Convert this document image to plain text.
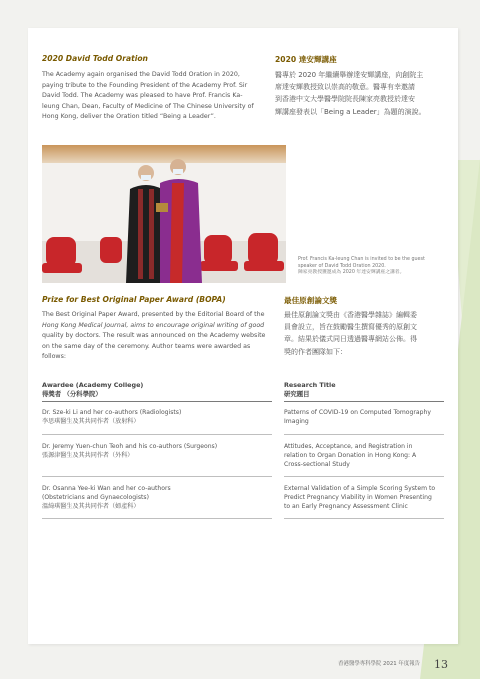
2020 David Todd Oration	2020 達安輝講座
The Academy again organised the David Todd Oration in 2020,
paying tribute to the Founding President of the Academy Prof. Sir
David Todd. The Academy was pleased to have Prof. Francis Ka-
leung Chan, Dean, Faculty of Medicine of The Chinese University of
Hong Kong, deliver the Oration titled “Being a Leader”.
醫專於 2020 年繼續舉辦達安輝講座，向創院主
席達安輝教授致以崇高的敬意。醫專有幸邀請
到香港中文大學醫學院院長陳家亮教授於達安
輝講座發表以「Being a Leader」為題的演說。
Prof. Francis Ka-leung Chan is invited to be the guest
speaker of David Todd Oration 2020.
陳家亮教授獲邀成為 2020 年達安輝講座之講者。
Prize for Best Original Paper Award (BOPA)	最佳原創論文獎
The Best Original Paper Award, presented by the Editorial Board of the
Hong Kong Medical Journal, aims to encourage original writing of good
quality by doctors. The result was announced on the Academy website
on the same day of the ceremony. Author teams were awarded as
follows:
最佳原創論文獎由《香港醫學雜誌》編輯委
員會設立，旨在鼓勵醫生撰寫優秀的原創文
章。結果於儀式同日透過醫專網站公佈。得
獎的作者團隊如下：
Awardee (Academy College)
得獎者 （分科學院）
Research Title
研究題目
Dr. Sze-ki Li and her co-authors (Radiologists)
李思琪醫生及其共同作者（放射科）
Patterns of COVID-19 on Computed Tomography
Imaging
Dr. Jeremy Yuen-chun Teoh and his co-authors (Surgeons)
張源津醫生及其共同作者（外科）
Attitudes, Acceptance, and Registration in
relation to Organ Donation in Hong Kong: A
Cross-sectional Study
Dr. Osanna Yee-ki Wan and her co-authors
(Obstetricians and Gynaecologists)
溫綺琪醫生及其共同作者（婦產科）
External Validation of a Simple Scoring System to
Predict Pregnancy Viability in Women Presenting
to an Early Pregnancy Assessment Clinic
香港醫學專科學院 2021 年度報告 13
